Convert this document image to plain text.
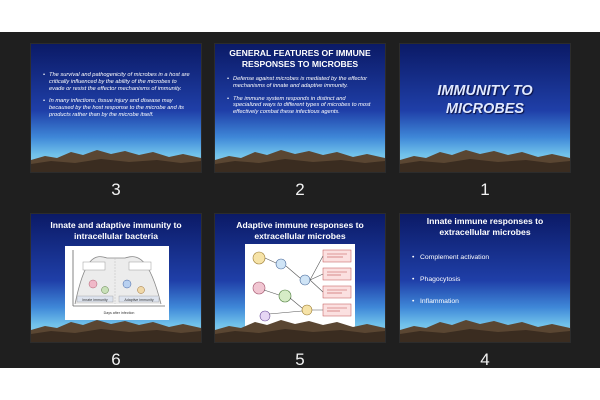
• The survival and pathogenicity of microbes in a host are critically influenced by the ability of the microbes to evade or resist the effector mechanisms of immunity.
• In many infections, tissue injury and disease may becaused by the host response to the microbe and its products rather than by the microbe itself.
3
GENERAL FEATURES OF IMMUNE RESPONSES TO MICROBES
• Defense against microbes is mediated by the effector mechanisms of innate and adaptive immunity.
• The immune system responds in distinct and specialized ways to different types of microbes to most effectively combat these infectious agents.
2
IMMUNITY TO MICROBES
1
Innate and adaptive immunity to intracellular bacteria
Innate immunity	Adaptive immunity
Days after infection
6
Adaptive immune responses to extracellular microbes
5
Innate immune responses to extracellular microbes
• Complement activation
• Phagocytosis
• Inflammation
4
